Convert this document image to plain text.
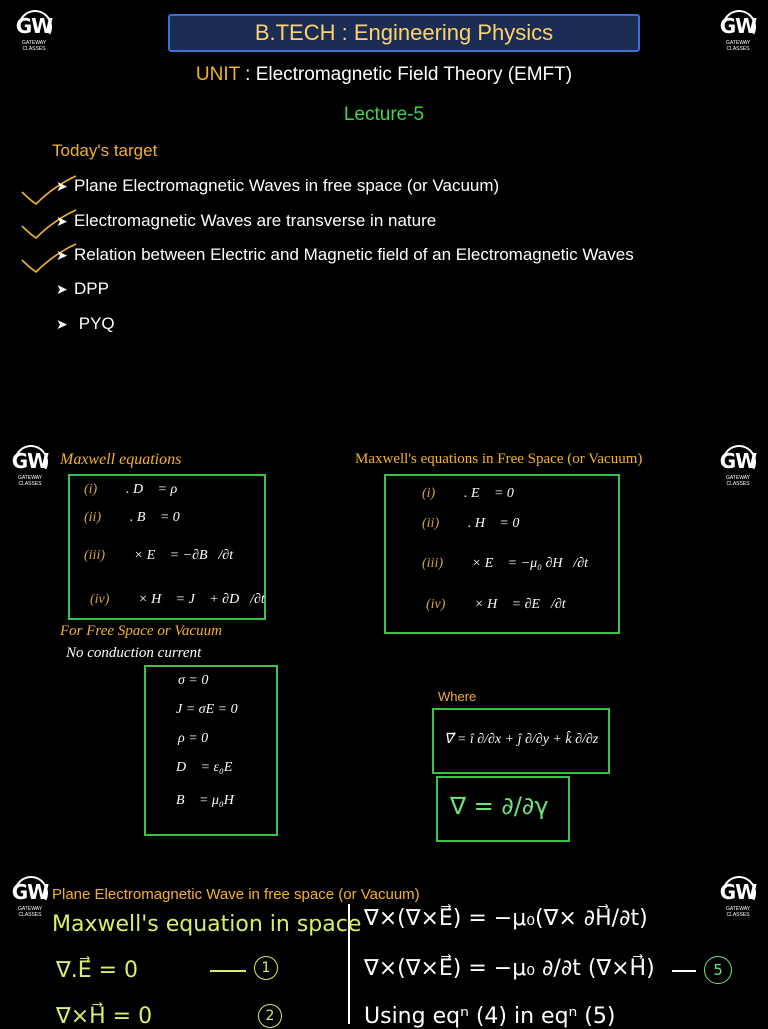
GW
GATEWAY CLASSES
GW
GATEWAY CLASSES
GW
GATEWAY CLASSES
GW
GATEWAY CLASSES
GW
GATEWAY CLASSES
GW
GATEWAY CLASSES
B.TECH : Engineering Physics
UNIT : Electromagnetic Field Theory (EMFT)
Lecture-5
Today's target
➤ Plane Electromagnetic Waves in free space (or Vacuum)
➤ Electromagnetic Waves are transverse in nature
➤ Relation between Electric and Magnetic field of an Electromagnetic Waves
➤ DPP
➤ PYQ
Maxwell equations
(i) ∇⃗ . D⃗ = ρ
(ii) ∇⃗ . B⃗ = 0
(iii) ∇⃗ × E⃗ = −∂B⃗/∂t
(iv) ∇⃗ × H⃗ = J⃗ + ∂D⃗/∂t
For Free Space or Vacuum
No conduction current
σ = 0
J = σE = 0
ρ = 0
D⃗ = ε₀E⃗
B⃗ = μ₀H⃗
Maxwell's equations in Free Space (or Vacuum)
(i) ∇⃗ . E⃗ = 0
(ii) ∇⃗ . H⃗ = 0
(iii) ∇⃗ × E⃗ = −μ₀ ∂H⃗/∂t
(iv) ∇⃗ × H⃗ = ∂E⃗/∂t
Where
∇⃗ = î ∂/∂x + ĵ ∂/∂y + k̂ ∂/∂z
∇ = ∂/∂γ
Plane Electromagnetic Wave in free space (or Vacuum)
Maxwell's equation in space
∇.E⃗ = 0	1
∇×H⃗ = 0	2
∇×(∇×E⃗) = −μ₀(∇× ∂H⃗/∂t)
∇×(∇×E⃗) = −μ₀ ∂/∂t (∇×H⃗)	5
Using eqⁿ (4) in eqⁿ (5)
